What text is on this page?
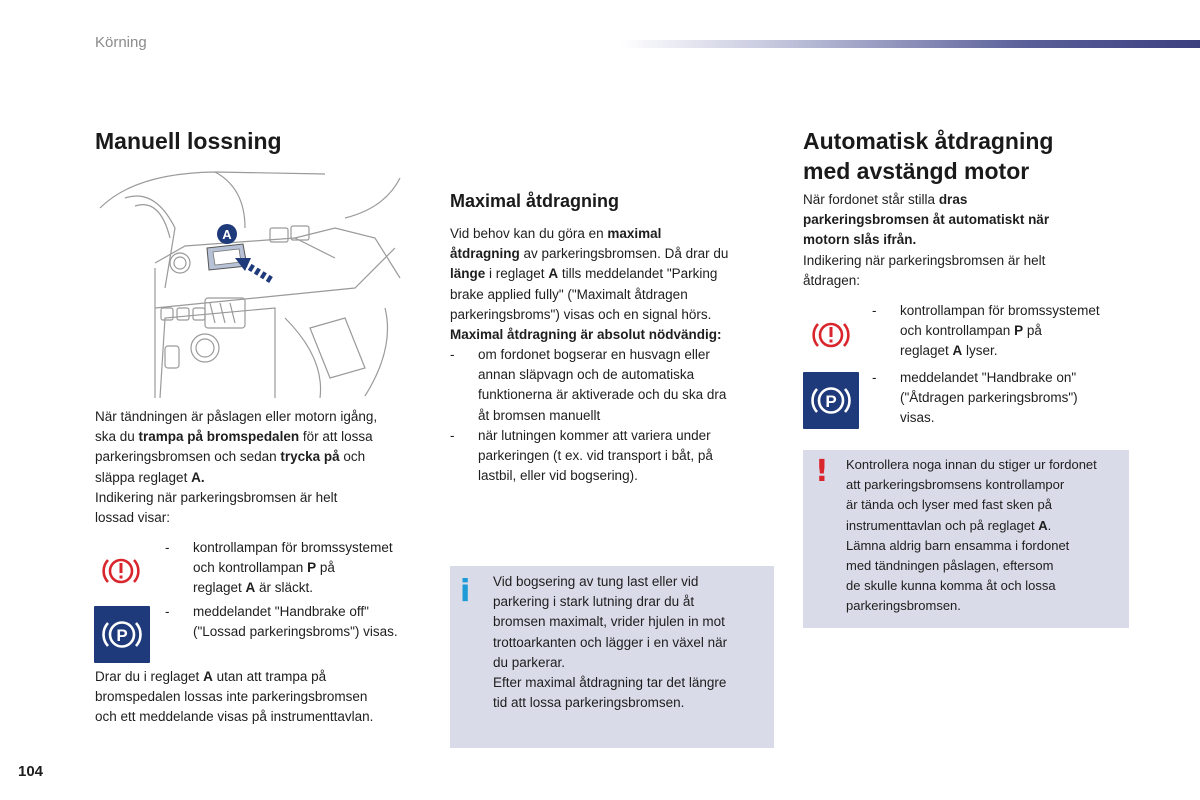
Körning
104
Manuell lossning
A
När tändningen är påslagen eller motorn igång,
ska du trampa på bromspedalen för att lossa
parkeringsbromsen och sedan trycka på och
släppa reglaget A.
Indikering när parkeringsbromsen är helt
lossad visar:
P
- kontrollampan för bromssystemet
och kontrollampan P på
reglaget A är släckt.
- meddelandet "Handbrake off"
("Lossad parkeringsbroms") visas.
Drar du i reglaget A utan att trampa på
bromspedalen lossas inte parkeringsbromsen
och ett meddelande visas på instrumenttavlan.
Maximal åtdragning
Vid behov kan du göra en maximal
åtdragning av parkeringsbromsen. Då drar du
länge i reglaget A tills meddelandet "Parking
brake applied fully" ("Maximalt åtdragen
parkeringsbroms") visas och en signal hörs.
Maximal åtdragning är absolut nödvändig:
- om fordonet bogserar en husvagn eller
annan släpvagn och de automatiska
funktionerna är aktiverade och du ska dra
åt bromsen manuellt
- när lutningen kommer att variera under
parkeringen (t ex. vid transport i båt, på
lastbil, eller vid bogsering).
i Vid bogsering av tung last eller vid
parkering i stark lutning drar du åt
bromsen maximalt, vrider hjulen in mot
trottoarkanten och lägger i en växel när
du parkerar.
Efter maximal åtdragning tar det längre
tid att lossa parkeringsbromsen.
Automatisk åtdragning
med avstängd motor
När fordonet står stilla dras
parkeringsbromsen åt automatiskt när
motorn slås ifrån.
Indikering när parkeringsbromsen är helt
åtdragen:
P
- kontrollampan för bromssystemet
och kontrollampan P på
reglaget A lyser.
- meddelandet "Handbrake on"
("Åtdragen parkeringsbroms")
visas.
! Kontrollera noga innan du stiger ur fordonet
att parkeringsbromsens kontrollampor
är tända och lyser med fast sken på
instrumenttavlan och på reglaget A.
Lämna aldrig barn ensamma i fordonet
med tändningen påslagen, eftersom
de skulle kunna komma åt och lossa
parkeringsbromsen.
